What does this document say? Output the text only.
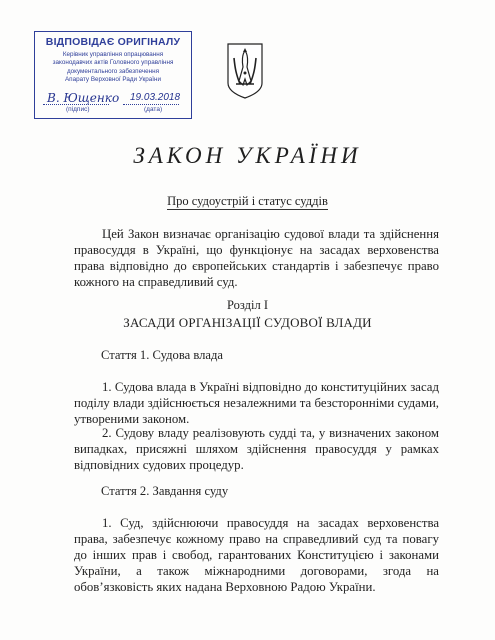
ВІДПОВІДАЄ ОРИГІНАЛУ
Керівник управління опрацювання
законодавчих актів Головного управління
документального забезпечення
Апарату Верховної Ради України
В. Ющенко 19.03.2018
(підпис)	(дата)
ЗАКОН УКРАЇНИ
Про судоустрій і статус суддів
Цей Закон визначає організацію судової влади та здійснення правосуддя в Україні, що функціонує на засадах верховенства права відповідно до європейських стандартів і забезпечує право кожного на справедливий суд.
Розділ І
ЗАСАДИ ОРГАНІЗАЦІЇ СУДОВОЇ ВЛАДИ
Стаття 1. Судова влада
1. Судова влада в Україні відповідно до конституційних засад поділу влади здійснюється незалежними та безсторонніми судами, утвореними законом.
2. Судову владу реалізовують судді та, у визначених законом випадках, присяжні шляхом здійснення правосуддя у рамках відповідних судових процедур.
Стаття 2. Завдання суду
1. Суд, здійснюючи правосуддя на засадах верховенства права, забезпечує кожному право на справедливий суд та повагу до інших прав і свобод, гарантованих Конституцією і законами України, а також міжнародними договорами, згода на обов’язковість яких надана Верховною Радою України.
